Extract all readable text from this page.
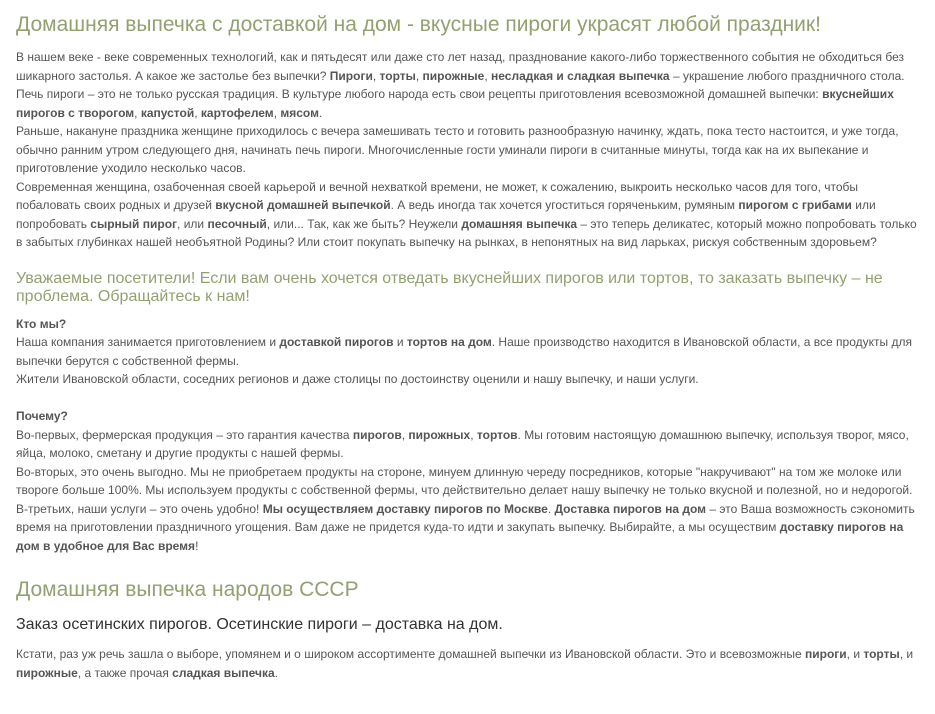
Домашняя выпечка с доставкой на дом - вкусные пироги украсят любой праздник!

В нашем веке - веке современных технологий, как и пятьдесят или даже сто лет назад, празднование какого-либо торжественного события не обходиться без шикарного застолья. А какое же застолье без выпечки? Пироги, торты, пирожные, несладкая и сладкая выпечка – украшение любого праздничного стола. Печь пироги – это не только русская традиция. В культуре любого народа есть свои рецепты приготовления всевозможной домашней выпечки: вкуснейших пирогов с творогом, капустой, картофелем, мясом.

Раньше, накануне праздника женщине приходилось с вечера замешивать тесто и готовить разнообразную начинку, ждать, пока тесто настоится, и уже тогда, обычно ранним утром следующего дня, начинать печь пироги. Многочисленные гости уминали пироги в считанные минуты, тогда как на их выпекание и приготовление уходило несколько часов.

Современная женщина, озабоченная своей карьерой и вечной нехваткой времени, не может, к сожалению, выкроить несколько часов для того, чтобы побаловать своих родных и друзей вкусной домашней выпечкой. А ведь иногда так хочется угоститься горяченьким, румяным пирогом с грибами или попробовать сырный пирог, или песочный, или... Так, как же быть? Неужели домашняя выпечка – это теперь деликатес, который можно попробовать только в забытых глубинках нашей необъятной Родины? Или стоит покупать выпечку на рынках, в непонятных на вид ларьках, рискуя собственным здоровьем?

Уважаемые посетители! Если вам очень хочется отведать вкуснейших пирогов или тортов, то заказать выпечку – не проблема. Обращайтесь к нам!

Кто мы?

Наша компания занимается приготовлением и доставкой пирогов и тортов на дом. Наше производство находится в Ивановской области, а все продукты для выпечки берутся с собственной фермы.

Жители Ивановской области, соседних регионов и даже столицы по достоинству оценили и нашу выпечку, и наши услуги.

Почему?

Во-первых, фермерская продукция – это гарантия качества пирогов, пирожных, тортов. Мы готовим настоящую домашнюю выпечку, используя творог, мясо, яйца, молоко, сметану и другие продукты с нашей фермы.

Во-вторых, это очень выгодно. Мы не приобретаем продукты на стороне, минуем длинную череду посредников, которые "накручивают" на том же молоке или твороге больше 100%. Мы используем продукты с собственной фермы, что действительно делает нашу выпечку не только вкусной и полезной, но и недорогой.

В-третьих, наши услуги – это очень удобно! Мы осуществляем доставку пирогов по Москве. Доставка пирогов на дом – это Ваша возможность сэкономить время на приготовлении праздничного угощения. Вам даже не придется куда-то идти и закупать выпечку. Выбирайте, а мы осуществим доставку пирогов на дом в удобное для Вас время!

Домашняя выпечка народов СССР
Заказ осетинских пирогов. Осетинские пироги – доставка на дом.

Кстати, раз уж речь зашла о выборе, упомянем и о широком ассортименте домашней выпечки из Ивановской области. Это и всевозможные пироги, и торты, и пирожные, а также прочая сладкая выпечка.
